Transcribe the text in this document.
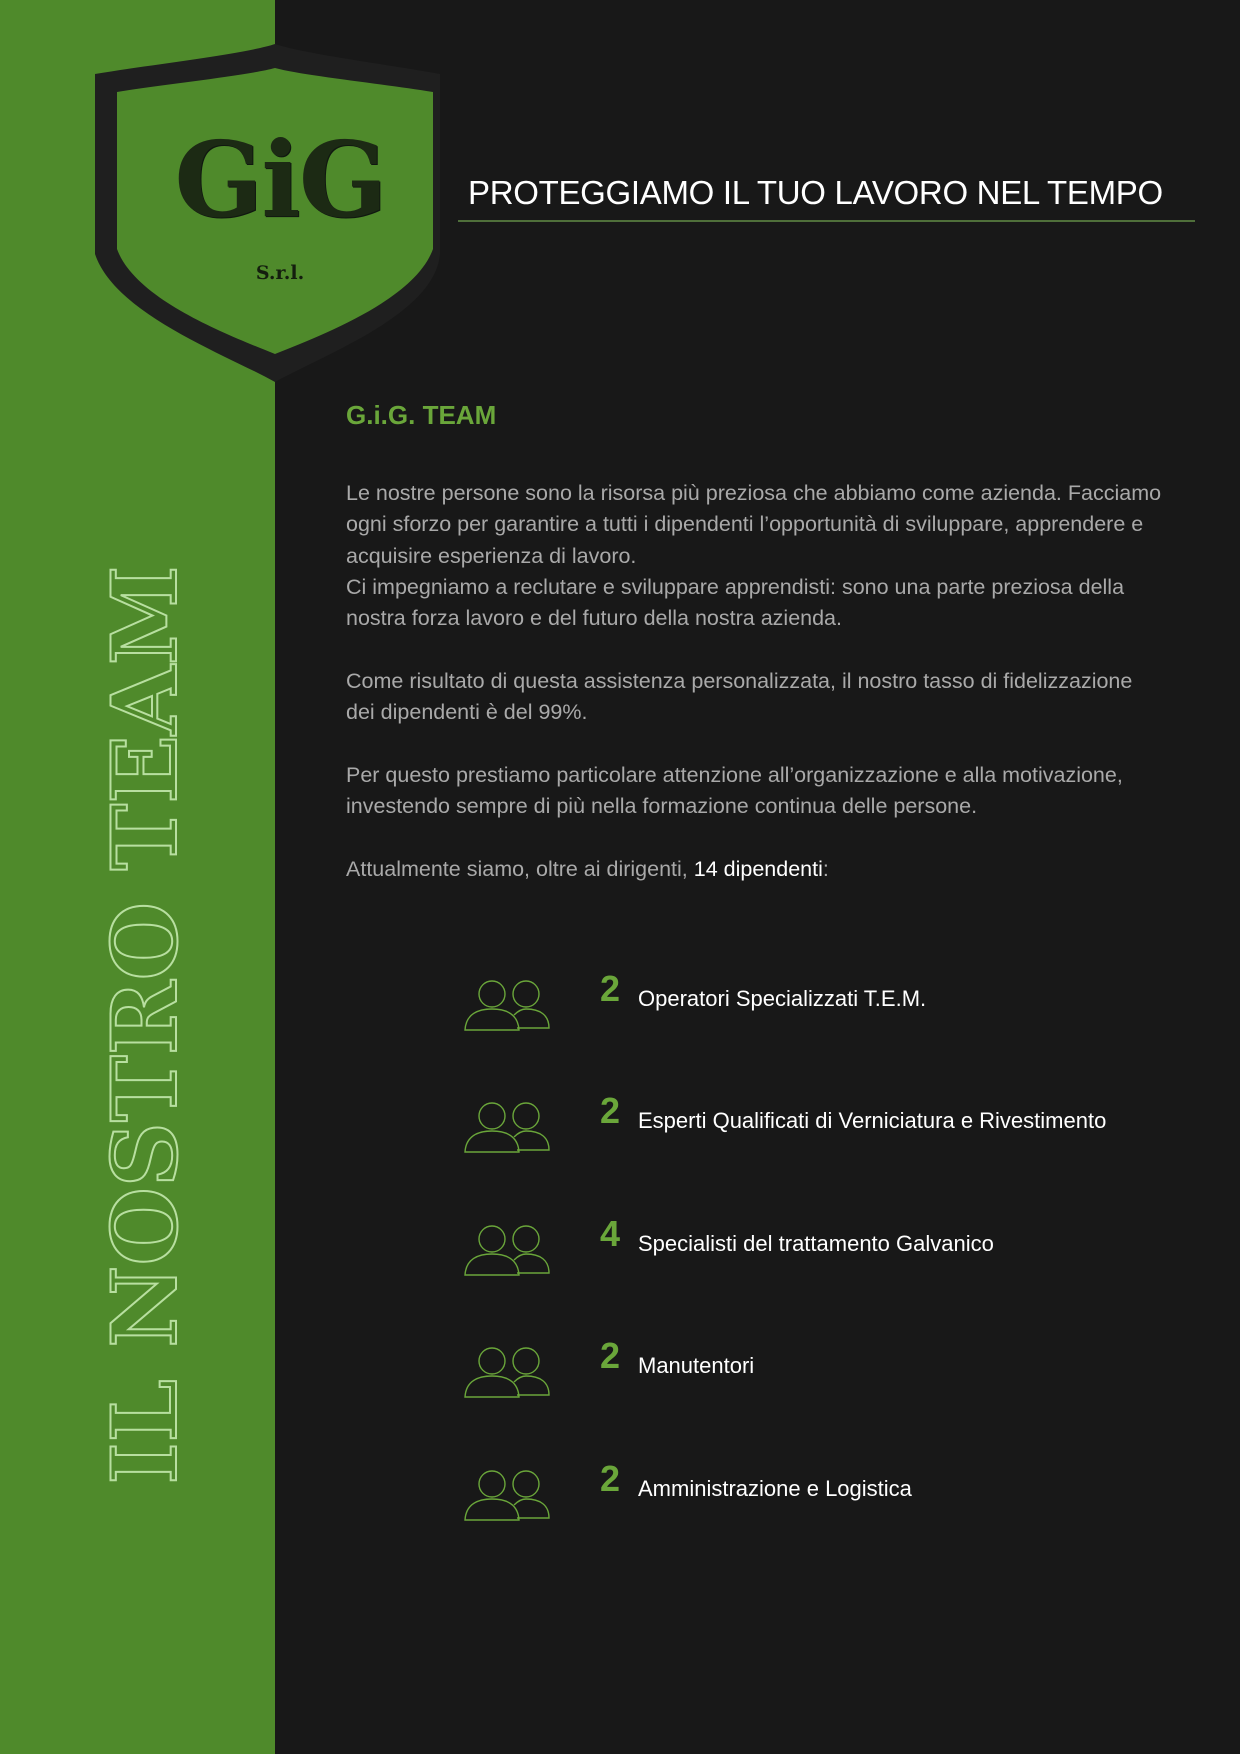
GiG
S.r.l.
IL NOSTRO TEAM
PROTEGGIAMO IL TUO LAVORO NEL TEMPO
G.i.G. TEAM

Le nostre persone sono la risorsa più preziosa che abbiamo come azienda. Facciamo ogni sforzo per garantire a tutti i dipendenti l’opportunità di sviluppare, apprendere e acquisire esperienza di lavoro.
Ci impegniamo a reclutare e sviluppare apprendisti: sono una parte preziosa della nostra forza lavoro e del futuro della nostra azienda.

Come risultato di questa assistenza personalizzata, il nostro tasso di fidelizzazione dei dipendenti è del 99%.

Per questo prestiamo particolare attenzione all’organizzazione e alla motivazione, investendo sempre di più nella formazione continua delle persone.

Attualmente siamo, oltre ai dirigenti, 14 dipendenti:

2 Operatori Specializzati T.E.M.
2 Esperti Qualificati di Verniciatura e Rivestimento
4 Specialisti del trattamento Galvanico
2 Manutentori
2 Amministrazione e Logistica
